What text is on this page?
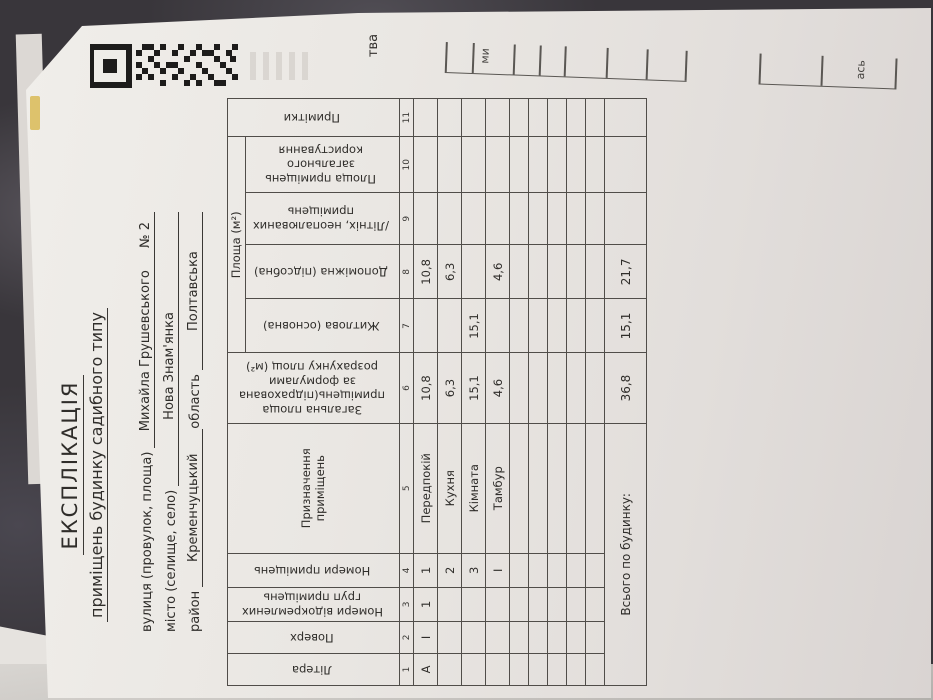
тва	ми
ась
ЕКСПЛІКАЦІЯ приміщень будинку садибного типу	вулиця (провулок, площа)
Михайла Грушевського
№ 2
місто (селище, село)
Нова Знам'янка
район
Кременчуцький
область
Полтавська
Літера	Поверх	Номери відокремлених груп приміщень	Номери приміщень	Призначення приміщень	Загальна площа приміщень(підрахована за формулами розрахунку площ (м²)	Площа (м²)				Примітки
						Житлова (основна)	Допоміжна (підсобна)	/Літніх, неопалюваних приміщень	Площа приміщень загального користування	
1	2	3	4	5	6	7	8	9	10	11
А	І	1	1	Передпокій	10,8		10,8			
			2	Кухня	6,3		6,3			
			3	Кімната	15,1	15,1				
			І	Тамбур	4,6		4,6			

Всього по будинку:					36,8	15,1	21,7			
